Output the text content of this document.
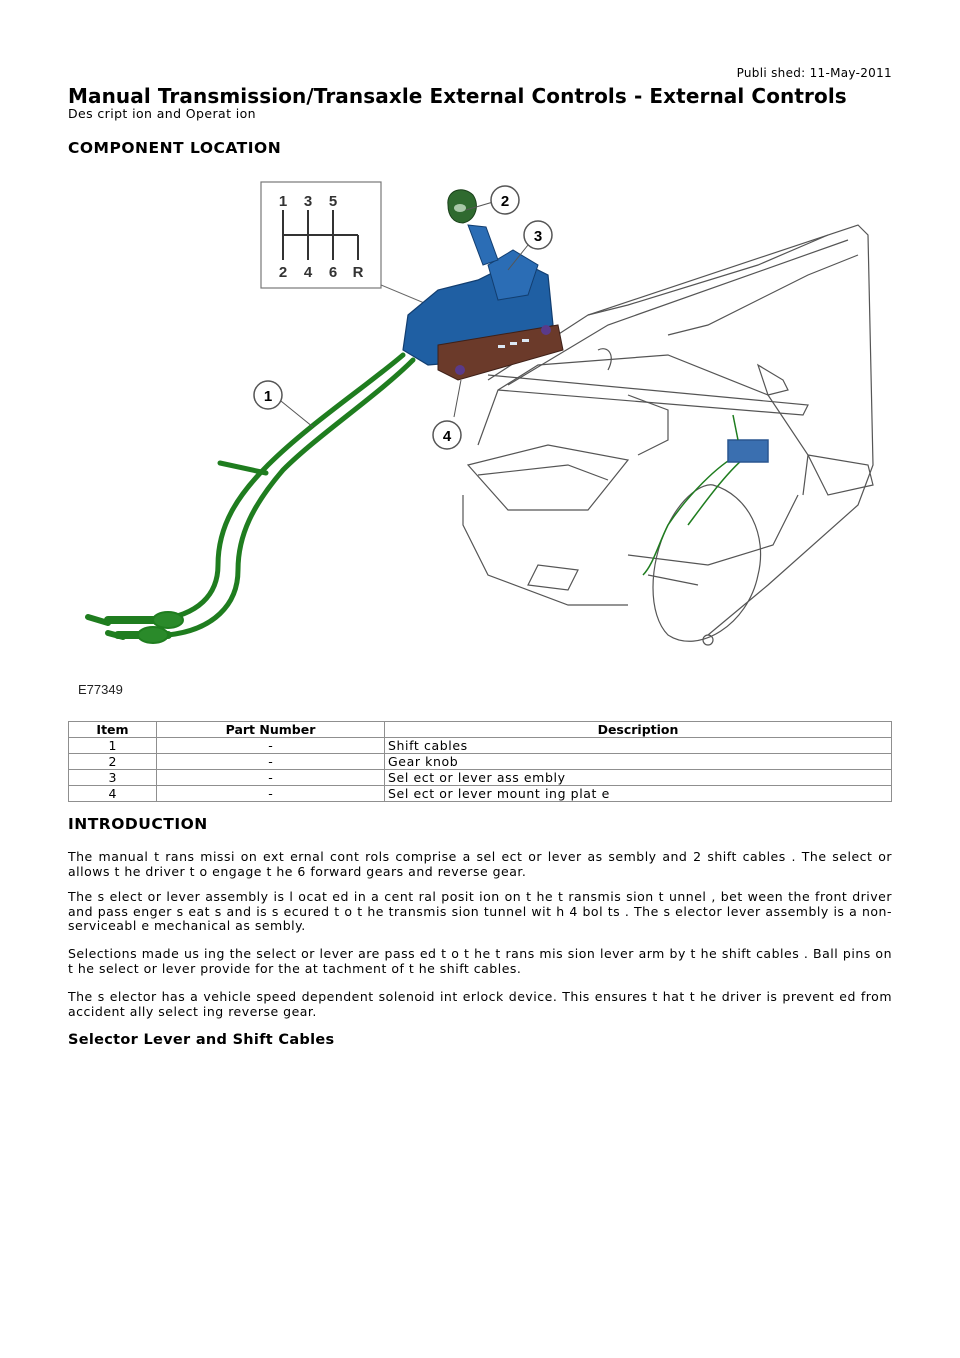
Publi shed: 11-May-2011
Manual Transmission/Transaxle External Controls - External Controls
Des cript ion and Operat ion
COMPONENT LOCATION
1 3 5
2 4 6 R
1
2
3
4
E77349
Item	Part Number	Description
1	-	Shift cables
2	-	Gear knob
3	-	Sel ect or lever ass embly
4	-	Sel ect or lever mount ing plat e
INTRODUCTION

The manual t rans missi on ext ernal cont rols comprise a sel ect or lever as sembly and 2 shift cables . The select or allows t he driver t o engage t he 6 forward gears and reverse gear.

The s elect or lever assembly is l ocat ed in a cent ral posit ion on t he t ransmis sion t unnel , bet ween the front driver and pass enger s eat s and is s ecured t o t he transmis sion tunnel wit h 4 bol ts . The s elector lever assembly is a non-serviceabl e mechanical as sembly.

Selections made us ing the select or lever are pass ed t o t he t rans mis sion lever arm by t he shift cables . Ball pins on t he select or lever provide for the at tachment of t he shift cables.

The s elector has a vehicle speed dependent solenoid int erlock device. This ensures t hat t he driver is prevent ed from accident ally select ing reverse gear.

Selector Lever and Shift Cables
